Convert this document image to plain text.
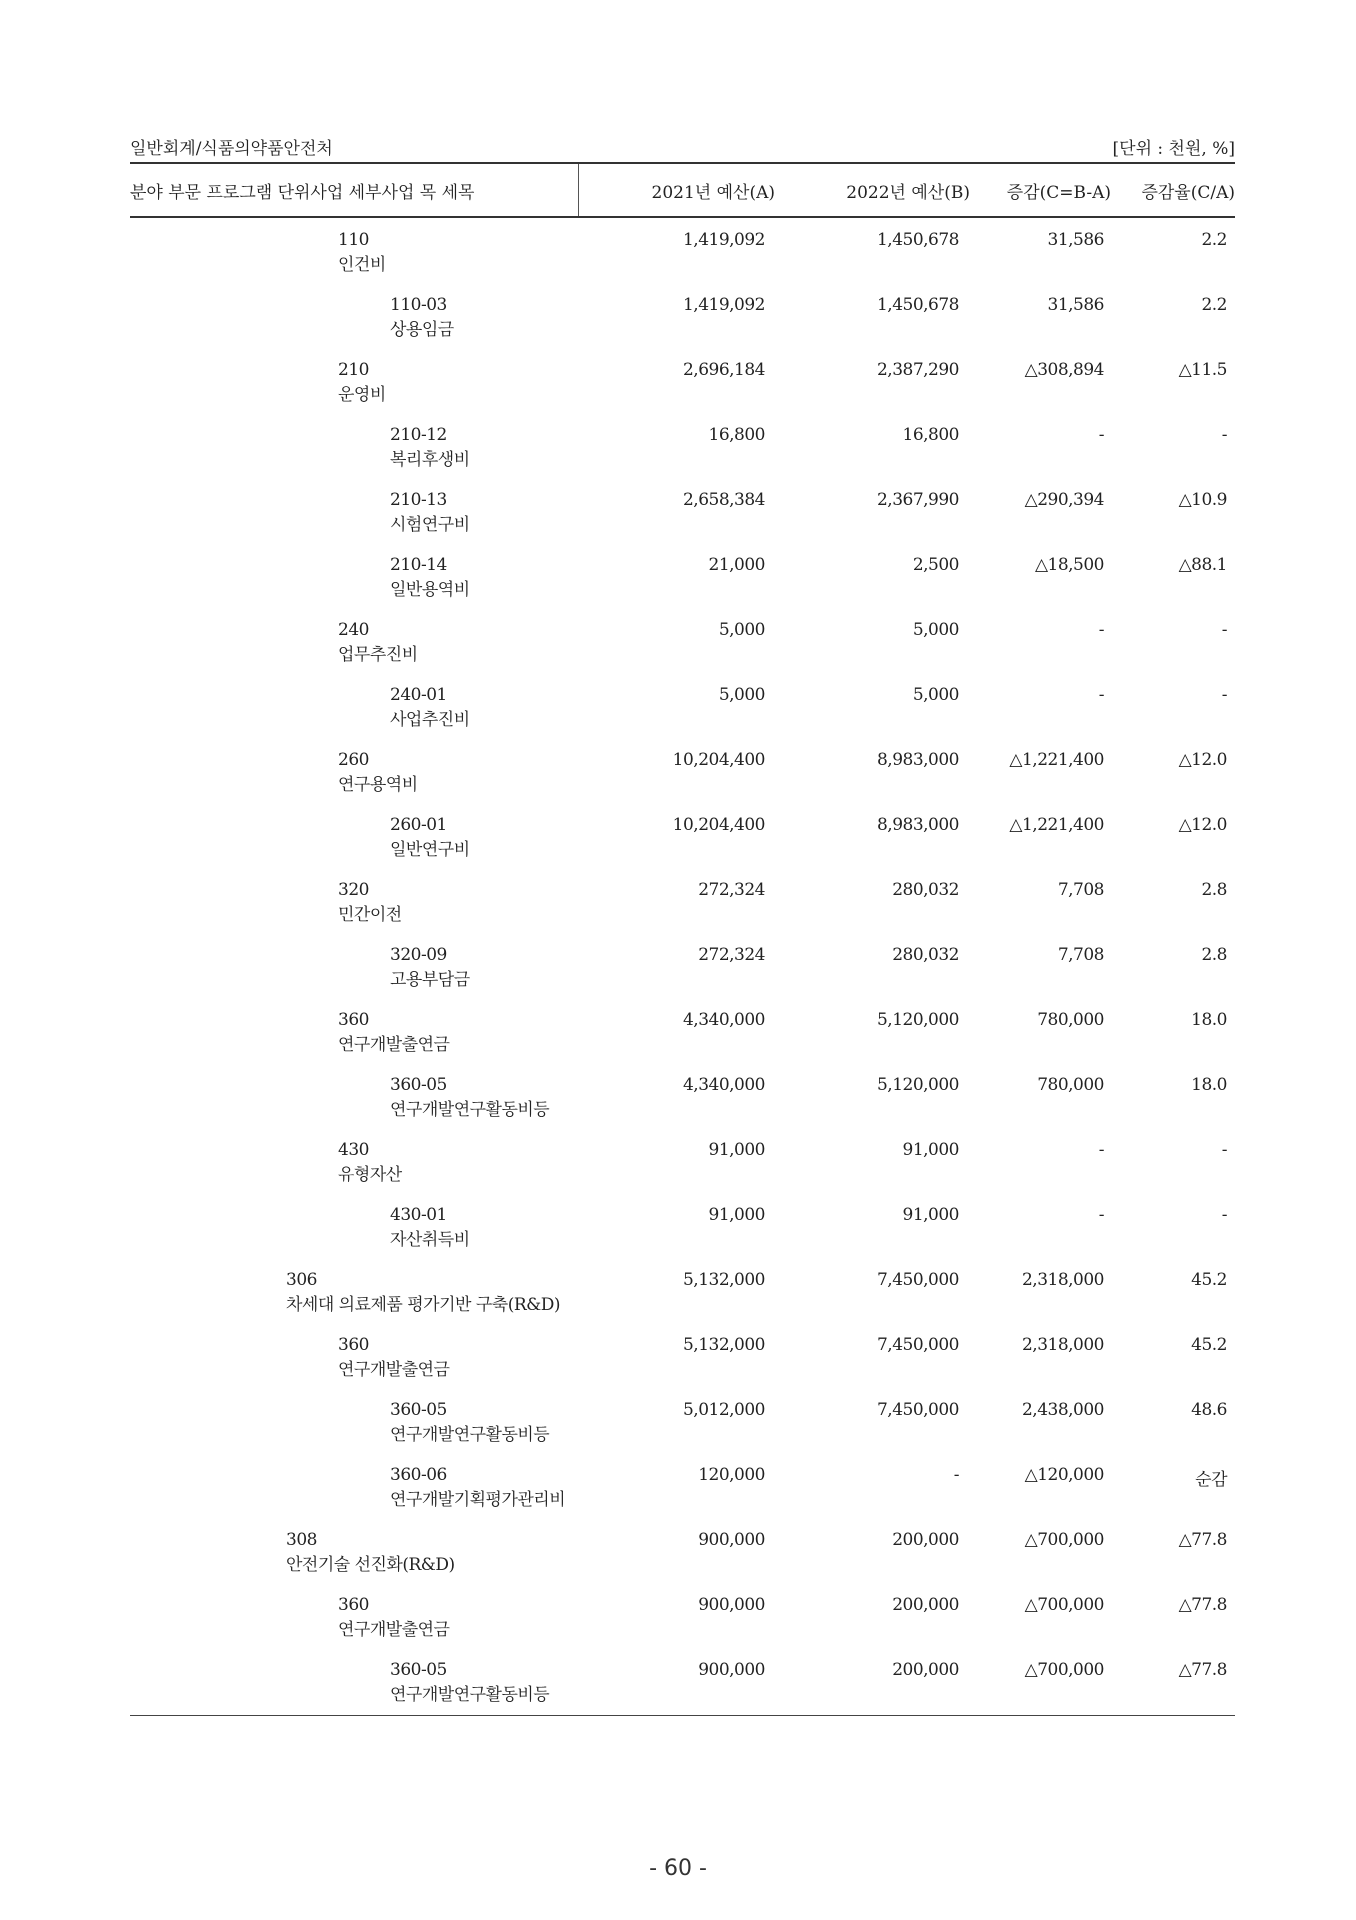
일반회계/식품의약품안전처	[단위 : 천원, %]
분야 부문 프로그램 단위사업 세부사업 목 세목	2021년 예산(A)	2022년 예산(B) 증감(C=B-A) 증감율(C/A)
110
인건비
1,419,092	1,450,678	31,586	2.2
110-03
상용임금
1,419,092	1,450,678	31,586	2.2
210
운영비
2,696,184	2,387,290	△308,894	△11.5
210-12
복리후생비
16,800	16,800	-	-
210-13
시험연구비
2,658,384	2,367,990	△290,394	△10.9
210-14
일반용역비
21,000	2,500	△18,500	△88.1
240
업무추진비
5,000	5,000	-	-
240-01
사업추진비
5,000	5,000	-	-
260
연구용역비
10,204,400	8,983,000	△1,221,400	△12.0
260-01
일반연구비
10,204,400	8,983,000	△1,221,400	△12.0
320
민간이전
272,324	280,032	7,708	2.8
320-09
고용부담금
272,324	280,032	7,708	2.8
360
연구개발출연금
4,340,000	5,120,000	780,000	18.0
360-05
연구개발연구활동비등
4,340,000	5,120,000	780,000	18.0
430
유형자산
91,000	91,000	-	-
430-01
자산취득비
91,000	91,000	-	-
306
차세대 의료제품 평가기반 구축(R&D)
5,132,000	7,450,000	2,318,000	45.2
360
연구개발출연금
5,132,000	7,450,000	2,318,000	45.2
360-05
연구개발연구활동비등
5,012,000	7,450,000	2,438,000	48.6
360-06
연구개발기획평가관리비
120,000	-	△120,000	순감
308
안전기술 선진화(R&D)
900,000	200,000	△700,000	△77.8
360
연구개발출연금
900,000	200,000	△700,000	△77.8
360-05
연구개발연구활동비등
900,000	200,000	△700,000	△77.8
- 60 -
